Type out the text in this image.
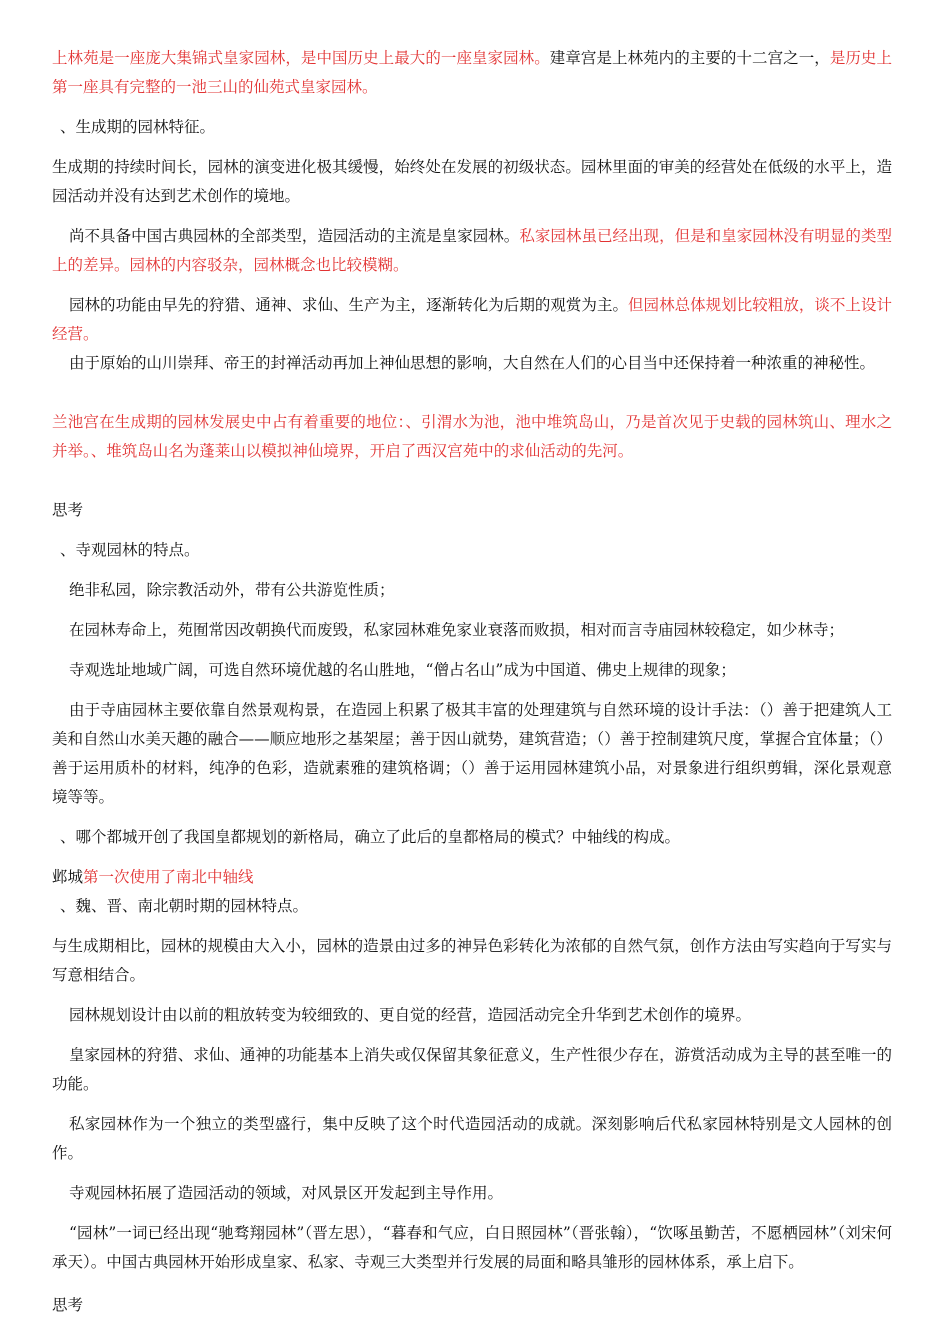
上林苑是一座庞大集锦式皇家园林，是中国历史上最大的一座皇家园林。建章宫是上林苑内的主要的十二宫之一，是历史上第一座具有完整的一池三山的仙苑式皇家园林。

、生成期的园林特征。

生成期的持续时间长，园林的演变进化极其缓慢，始终处在发展的初级状态。园林里面的审美的经营处在低级的水平上，造园活动并没有达到艺术创作的境地。

尚不具备中国古典园林的全部类型，造园活动的主流是皇家园林。私家园林虽已经出现，但是和皇家园林没有明显的类型上的差异。园林的内容驳杂，园林概念也比较模糊。

园林的功能由早先的狩猎、通神、求仙、生产为主，逐渐转化为后期的观赏为主。但园林总体规划比较粗放，谈不上设计经营。

由于原始的山川崇拜、帝王的封禅活动再加上神仙思想的影响，大自然在人们的心目当中还保持着一种浓重的神秘性。

兰池宫在生成期的园林发展史中占有着重要的地位：、引渭水为池，池中堆筑岛山，乃是首次见于史载的园林筑山、理水之并举。、堆筑岛山名为蓬莱山以模拟神仙境界，开启了西汉宫苑中的求仙活动的先河。

思考

、寺观园林的特点。

绝非私园，除宗教活动外，带有公共游览性质；

在园林寿命上，苑囿常因改朝换代而废毁，私家园林难免家业衰落而败损，相对而言寺庙园林较稳定，如少林寺；

寺观选址地域广阔，可选自然环境优越的名山胜地，“僧占名山”成为中国道、佛史上规律的现象；

由于寺庙园林主要依靠自然景观构景，在造园上积累了极其丰富的处理建筑与自然环境的设计手法：（）善于把建筑人工美和自然山水美天趣的融合——顺应地形之基架屋；善于因山就势，建筑营造；（）善于控制建筑尺度，掌握合宜体量；（）善于运用质朴的材料，纯净的色彩，造就素雅的建筑格调；（）善于运用园林建筑小品，对景象进行组织剪辑，深化景观意境等等。

、哪个都城开创了我国皇都规划的新格局，确立了此后的皇都格局的模式？中轴线的构成。

邺城第一次使用了南北中轴线

、魏、晋、南北朝时期的园林特点。

与生成期相比，园林的规模由大入小，园林的造景由过多的神异色彩转化为浓郁的自然气氛，创作方法由写实趋向于写实与写意相结合。

园林规划设计由以前的粗放转变为较细致的、更自觉的经营，造园活动完全升华到艺术创作的境界。

皇家园林的狩猎、求仙、通神的功能基本上消失或仅保留其象征意义，生产性很少存在，游赏活动成为主导的甚至唯一的功能。

私家园林作为一个独立的类型盛行，集中反映了这个时代造园活动的成就。深刻影响后代私家园林特别是文人园林的创作。

寺观园林拓展了造园活动的领域，对风景区开发起到主导作用。

“园林”一词已经出现“驰骛翔园林”（晋左思），“暮春和气应，白日照园林”（晋张翰），“饮啄虽勤苦，不愿栖园林”（刘宋何承天）。中国古典园林开始形成皇家、私家、寺观三大类型并行发展的局面和略具雏形的园林体系，承上启下。

思考
